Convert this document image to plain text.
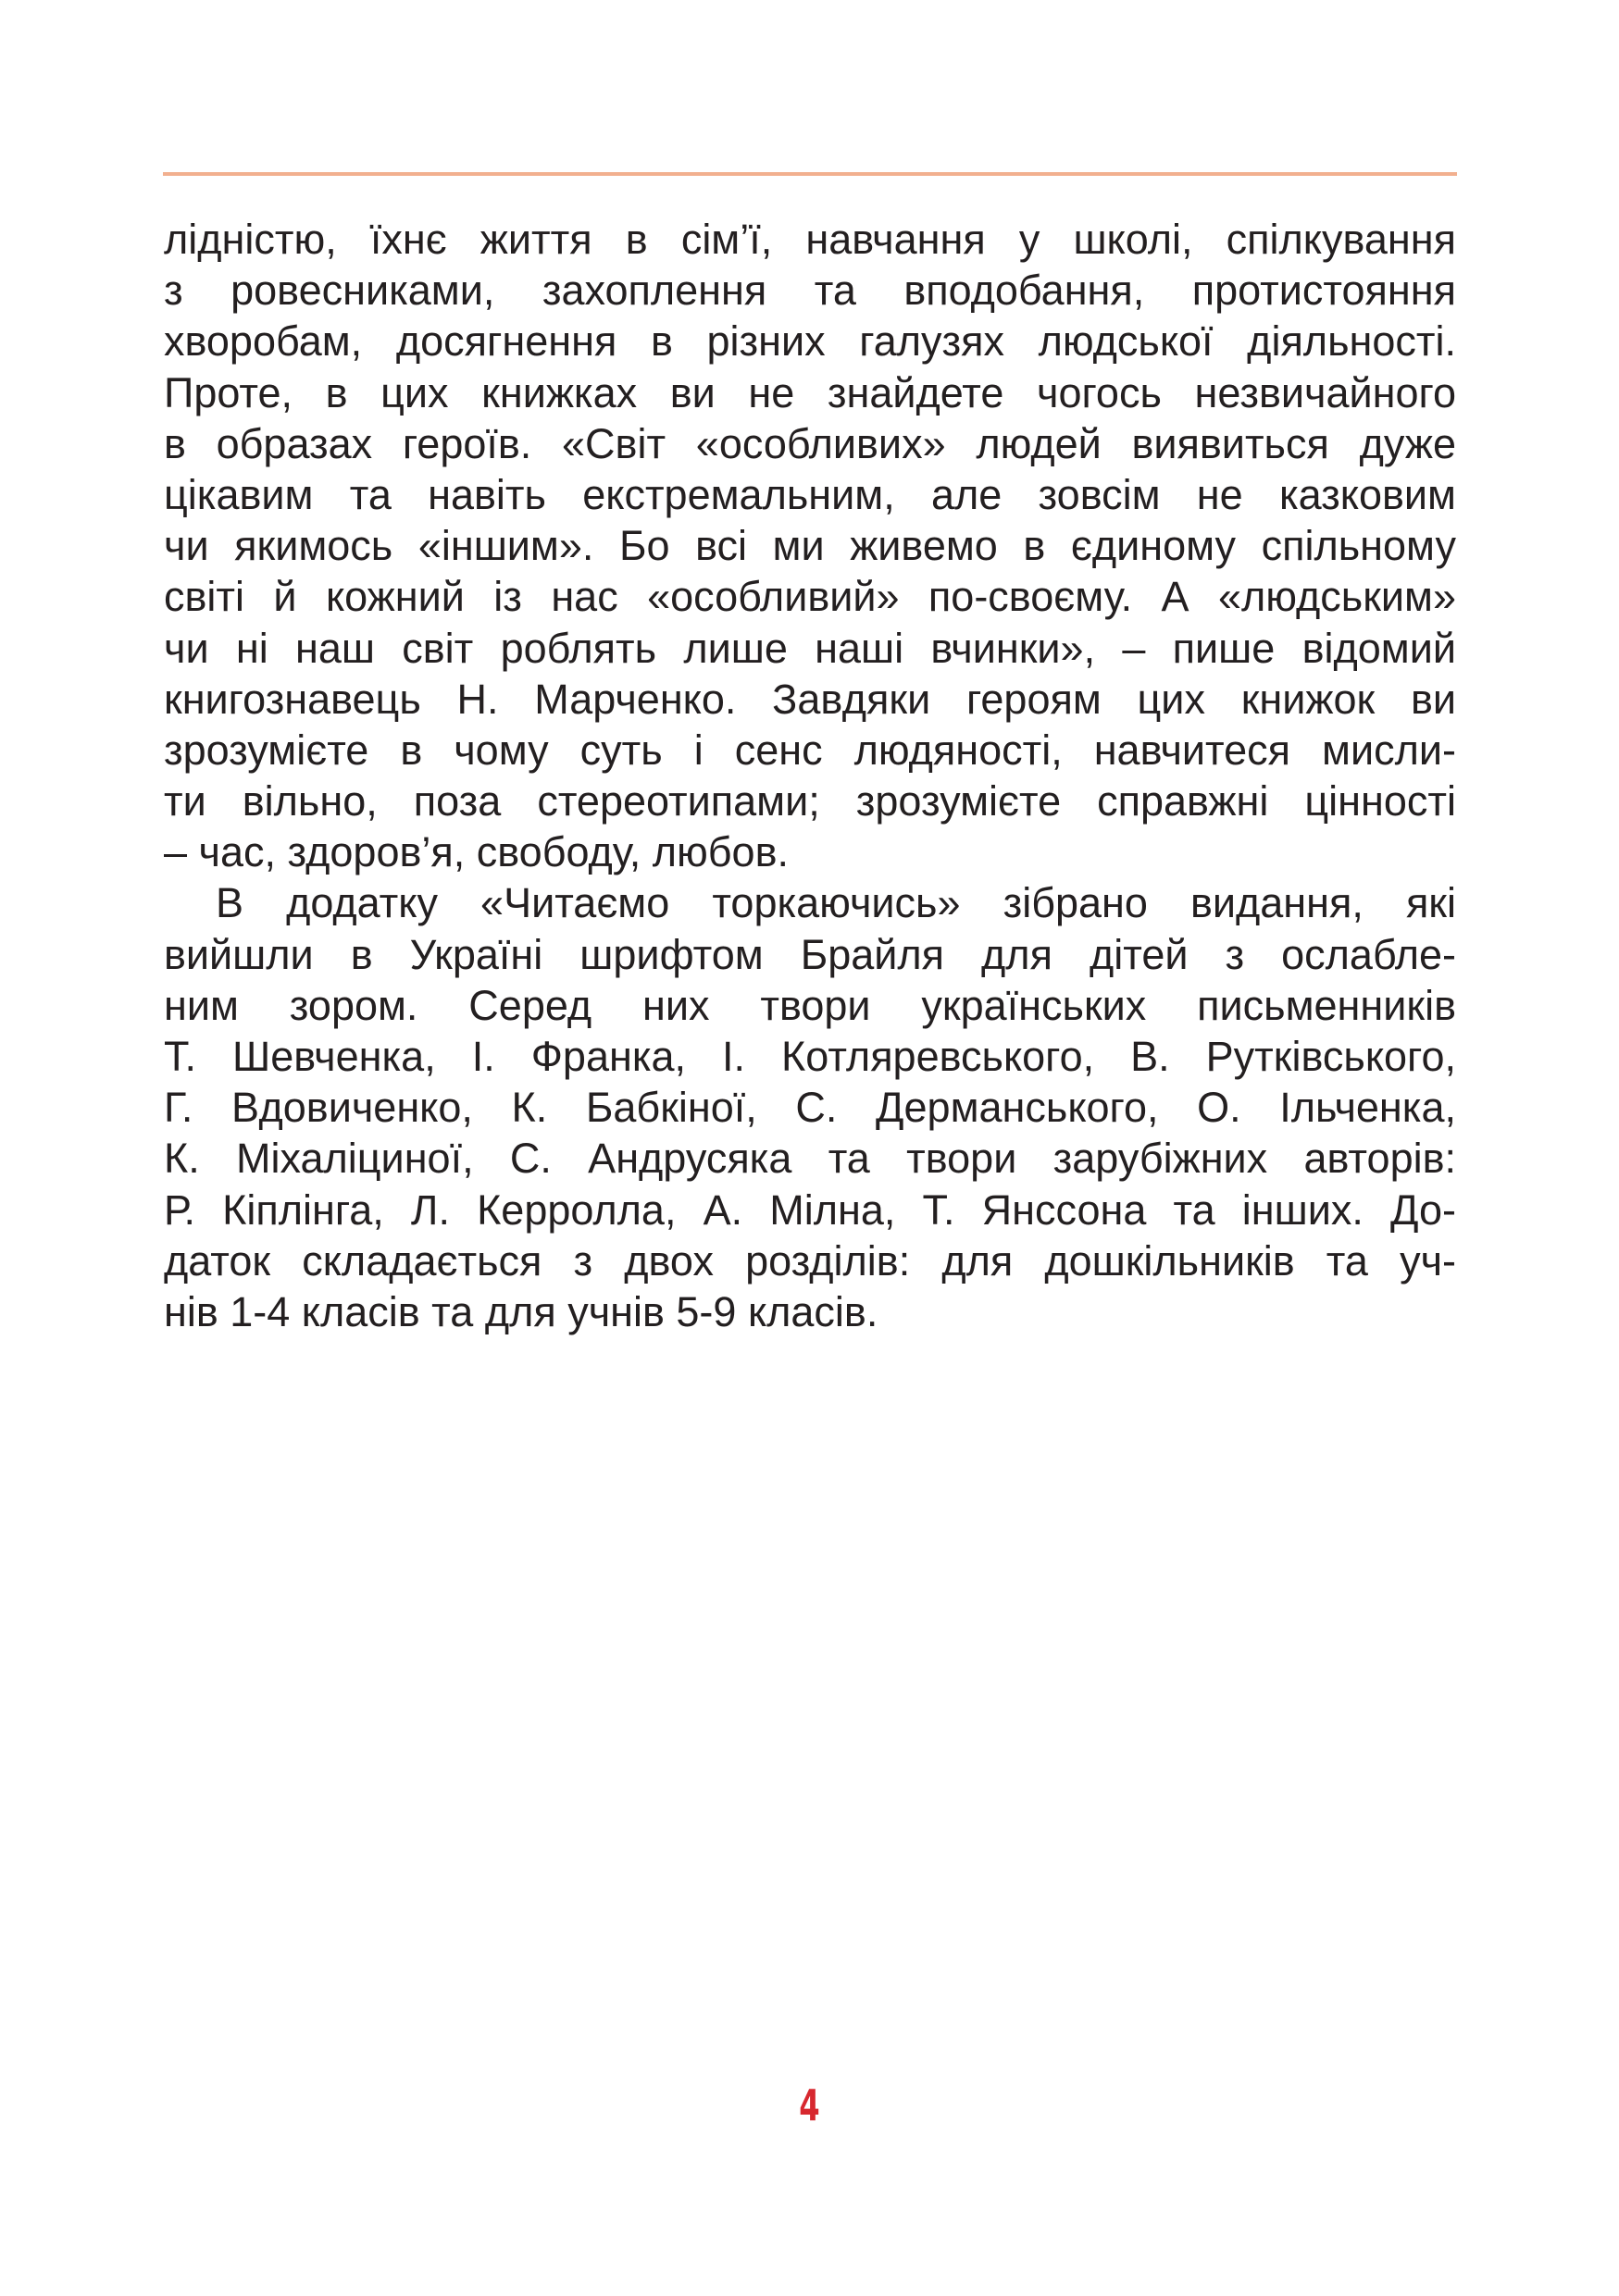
лідністю, їхнє життя в сім’ї, навчання у школі, спілкування
з ровесниками, захоплення та вподобання, протистояння
хворобам, досягнення в різних галузях людської діяльності.
Проте, в цих книжках ви не знайдете чогось незвичайного
в образах героїв. «Світ «особливих» людей виявиться дуже
цікавим та навіть екстремальним, але зовсім не казковим
чи якимось «іншим». Бо всі ми живемо в єдиному спільному
світі й кожний із нас «особливий» по-своєму. А «людським»
чи ні наш світ роблять лише наші вчинки», – пише відомий
книгознавець Н. Марченко. Завдяки героям цих книжок ви
зрозумієте в чому суть і сенс людяності, навчитеся мисли-
ти вільно, поза стереотипами; зрозумієте справжні цінності
– час, здоров’я, свободу, любов.
В додатку «Читаємо торкаючись» зібрано видання, які
вийшли в Україні шрифтом Брайля для дітей з ослабле-
ним зором. Серед них твори українських письменників
Т. Шевченка, І. Франка, І. Котляревського, В. Рутківського,
Г. Вдовиченко, К. Бабкіної, С. Дерманського, О. Ільченка,
К. Міхаліциної, С. Андрусяка та твори зарубіжних авторів:
Р. Кіплінга, Л. Керролла, А. Мілна, Т. Янссона та інших. До-
даток складається з двох розділів: для дошкільників та уч-
нів 1-4 класів та для учнів 5-9 класів.
4
